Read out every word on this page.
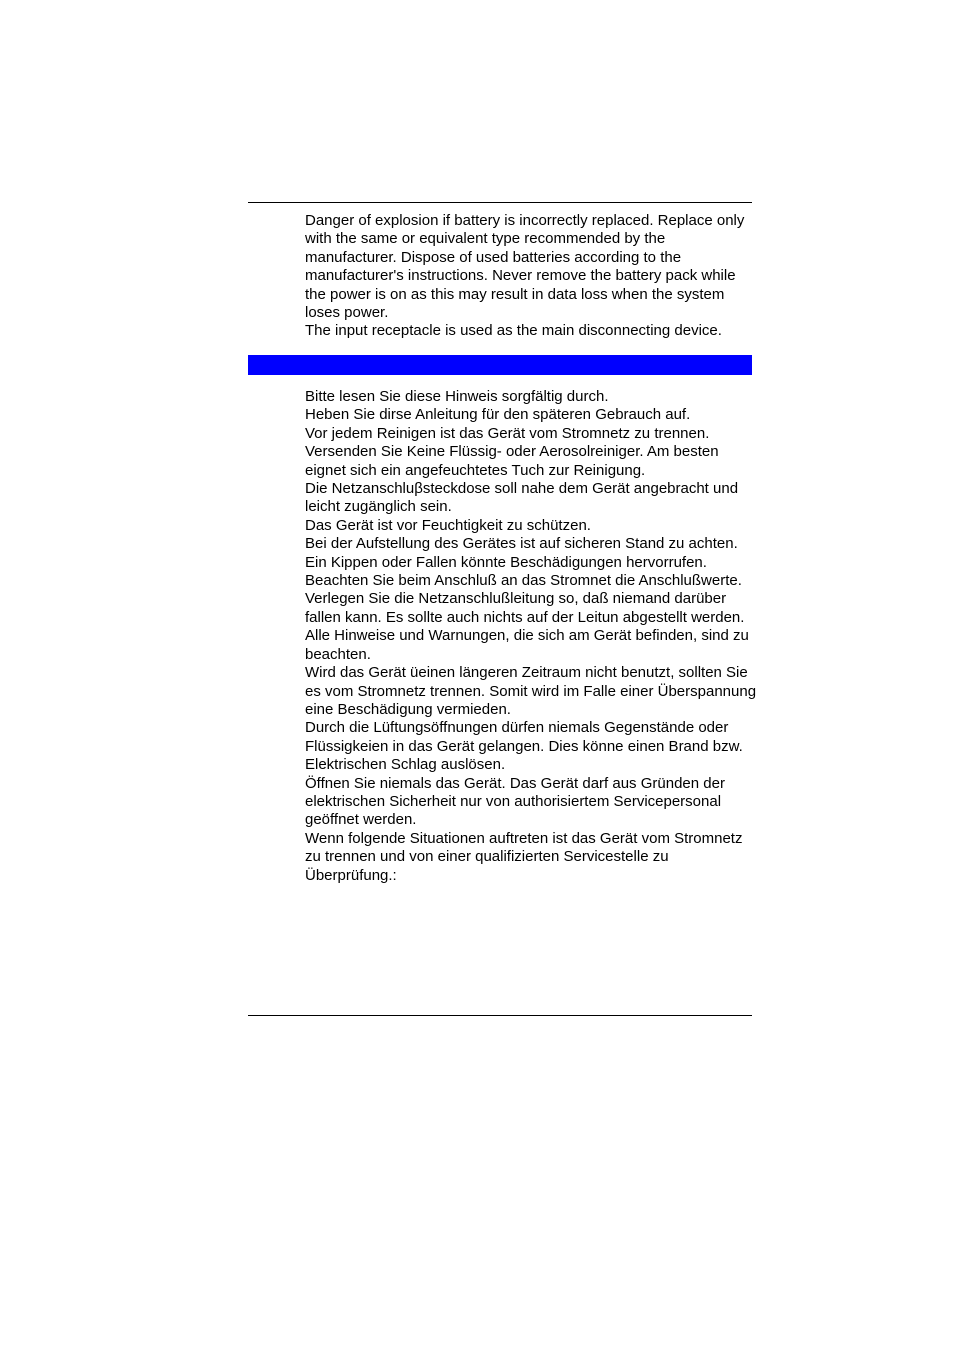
Danger of explosion if battery is incorrectly replaced. Replace only with the same or equivalent type recommended by the manufacturer. Dispose of used batteries according to the manufacturer's instructions. Never remove the battery pack while the power is on as this may result in data loss when the system loses power.

The input receptacle is used as the main disconnecting device.

Bitte lesen Sie diese Hinweis sorgfältig durch.

Heben Sie dirse Anleitung für den späteren Gebrauch auf.

Vor jedem Reinigen ist das Gerät vom Stromnetz zu trennen.

Versenden Sie Keine Flüssig- oder Aerosolreiniger. Am besten eignet sich ein angefeuchtetes Tuch zur Reinigung.

Die Netzanschluβsteckdose soll nahe dem Gerät angebracht und leicht zugänglich sein.

Das Gerät ist vor Feuchtigkeit zu schützen.

Bei der Aufstellung des Gerätes ist auf sicheren Stand zu achten. Ein Kippen oder Fallen könnte Beschädigungen hervorrufen.

Beachten Sie beim Anschluß an das Stromnet die Anschlußwerte.

Verlegen Sie die Netzanschlußleitung so, daß niemand darüber fallen kann. Es sollte auch nichts auf der Leitun abgestellt werden.

Alle Hinweise und Warnungen, die sich am Gerät befinden, sind zu beachten.

Wird das Gerät üeinen längeren Zeitraum nicht benutzt, sollten Sie es vom Stromnetz trennen. Somit wird im Falle einer Überspannung eine Beschädigung vermieden.

Durch die Lüftungsöffnungen dürfen niemals Gegenstände oder Flüssigkeien in das Gerät gelangen. Dies könne einen Brand bzw. Elektrischen Schlag auslösen.

Öffnen Sie niemals das Gerät. Das Gerät darf aus Gründen der elektrischen Sicherheit nur von authorisiertem Servicepersonal geöffnet werden.

Wenn folgende Situationen auftreten ist das Gerät vom Stromnetz zu trennen und von einer qualifizierten Servicestelle zu Überprüfung.:
